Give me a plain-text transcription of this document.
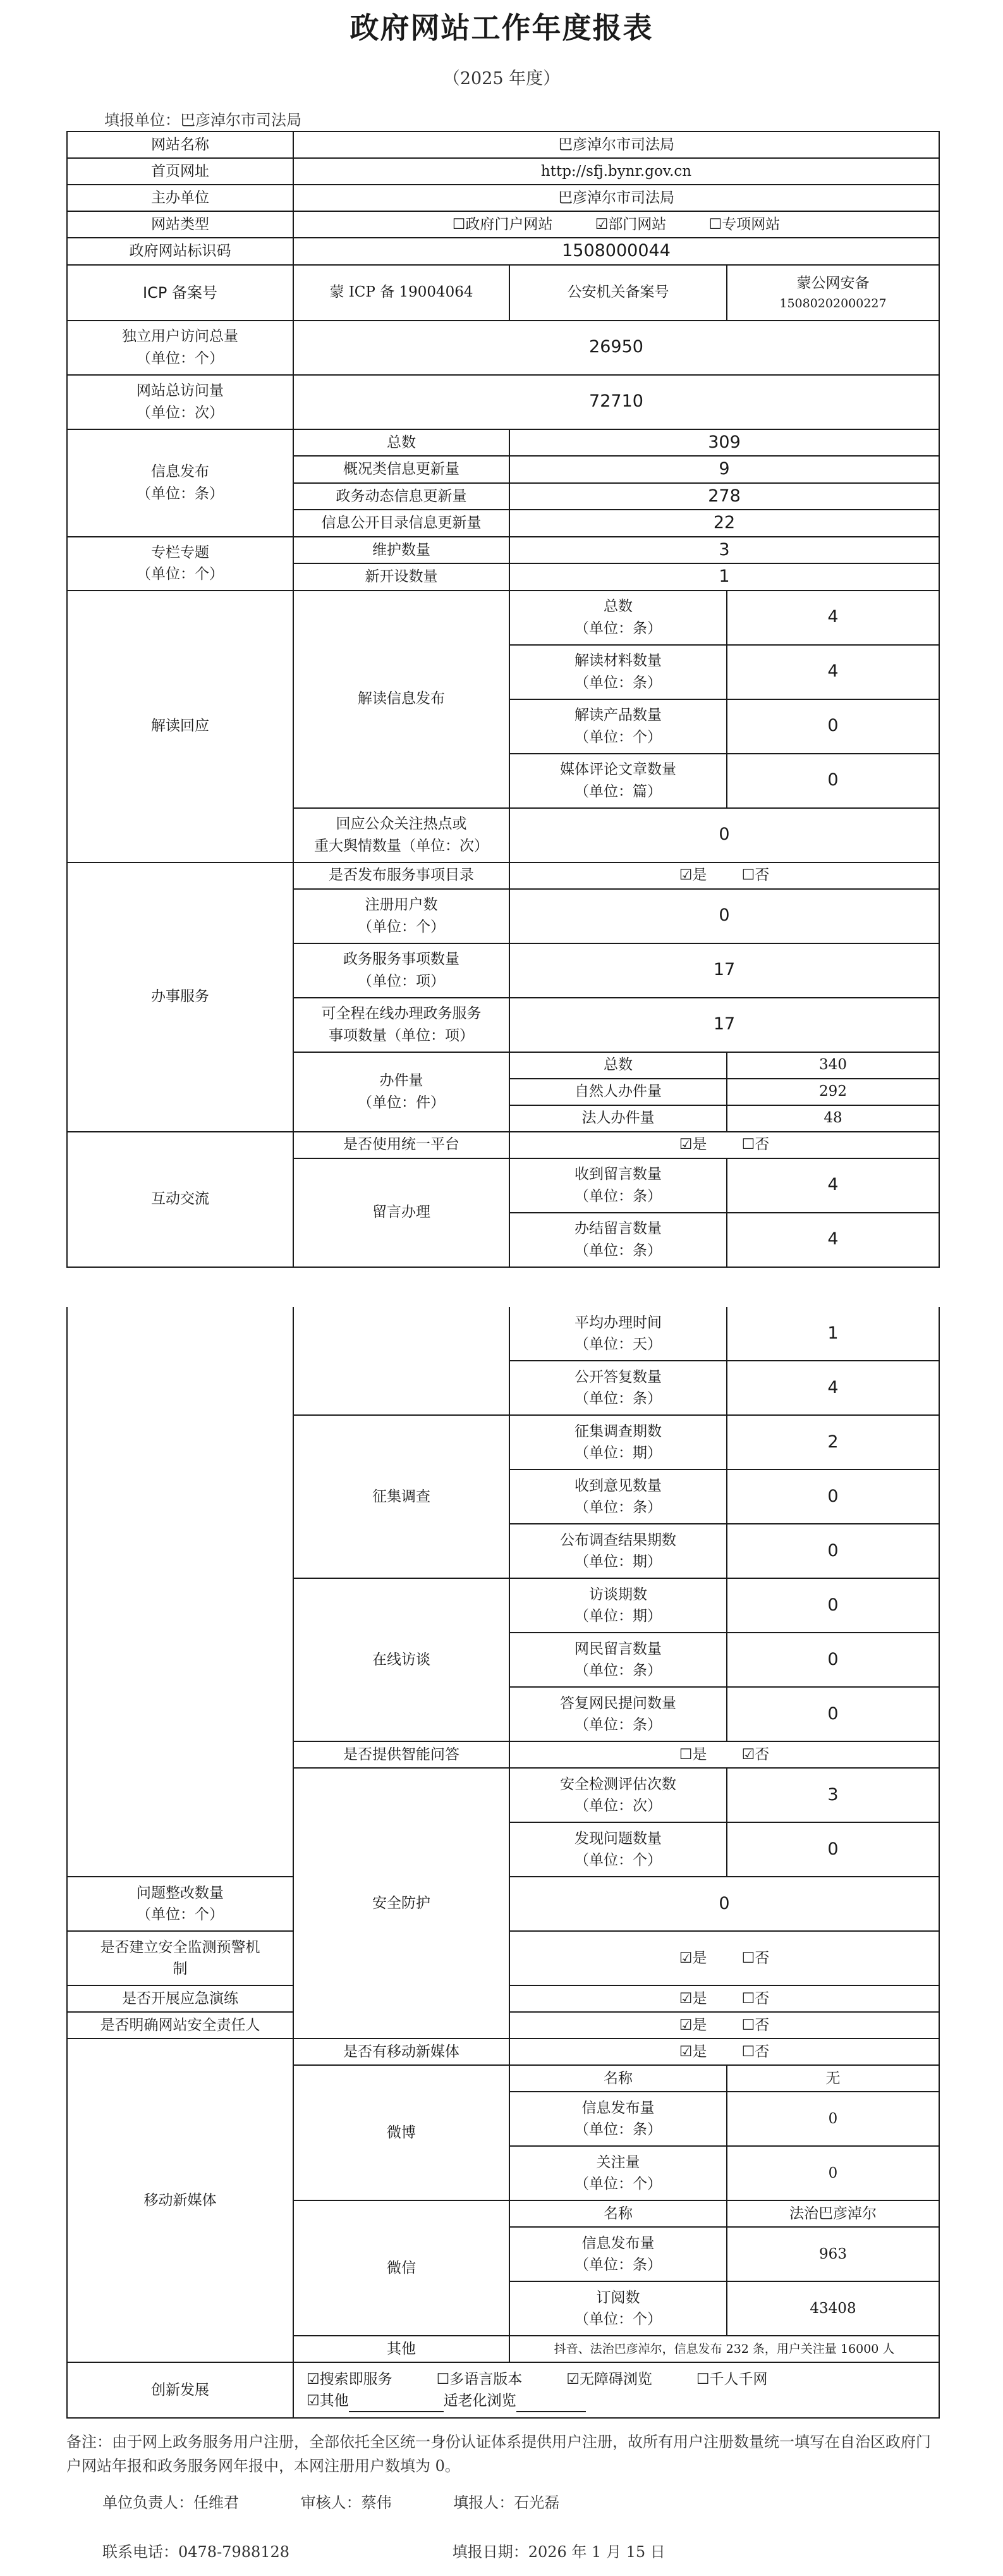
政府网站工作年度报表
（2025 年度）
填报单位：巴彦淖尔市司法局
网站名称	巴彦淖尔市司法局		
首页网址	http://sfj.bynr.gov.cn		
主办单位	巴彦淖尔市司法局		
网站类型	☐政府门户网站 ☑部门网站 ☐专项网站		
政府网站标识码	1508000044		
ICP 备案号	蒙 ICP 备 19004064	公安机关备案号	蒙公网安备
15080202000227

独立用户访问总量
（单位：个）	26950		

网站总访问量
（单位：次）	72710		

信息发布
（单位：条）	总数	309	
	概况类信息更新量	9	
	政务动态信息更新量	278	
	信息公开目录信息更新量	22	

专栏专题
（单位：个）	维护数量	3	
	新开设数量	1	
解读回应	解读信息发布	总数
（单位：条）	4

		解读材料数量
（单位：条）	4

		解读产品数量
（单位：个）	0

		媒体评论文章数量
（单位：篇）	0

	回应公众关注热点或
重大舆情数量（单位：次）	0	
办事服务	是否发布服务事项目录	☑是 ☐否	

	注册用户数
（单位：个）	0	

	政务服务事项数量
（单位：项）	17	

	可全程在线办理政务服务
事项数量（单位：项）	17	

	办件量
（单位：件）	总数	340
		自然人办件量	292
		法人办件量	48
互动交流	是否使用统一平台	☑是 ☐否	
	留言办理	收到留言数量
（单位：条）	4

		办结留言数量
（单位：条）	4

		平均办理时间
（单位：天）	1

		公开答复数量
（单位：条）	4
	征集调查	征集调查期数
（单位：期）	2

		收到意见数量
（单位：条）	0

		公布调查结果期数
（单位：期）	0
	在线访谈	访谈期数
（单位：期）	0

		网民留言数量
（单位：条）	0

		答复网民提问数量
（单位：条）	0
	是否提供智能问答	☐是 ☑否	
	安全防护	安全检测评估次数
（单位：次）	3

		发现问题数量
（单位：个）	0

问题整改数量
（单位：个）		0	

是否建立安全监测预警机
制		☑是 ☐否	
是否开展应急演练		☑是 ☐否	
是否明确网站安全责任人		☑是 ☐否	
移动新媒体	是否有移动新媒体	☑是 ☐否	
	微博	名称	无

		信息发布量
（单位：条）	0

		关注量
（单位：个）	0
	微信	名称	法治巴彦淖尔

		信息发布量
（单位：条）	963

		订阅数
（单位：个）	43408
	其他	抖音、法治巴彦淖尔，信息发布 232 条，用户关注量 16000 人	
创新发展	☑搜索即服务 ☐多语言版本 ☑无障碍浏览 ☐千人千网
☑其他 适老化浏览		
备注：由于网上政务服务用户注册，全部依托全区统一身份认证体系提供用户注册，故所有用户注册数量统一填写在自治区政府门户网站年报和政务服务网年报中，本网注册用户数填为 0。
单位负责人：任维君	审核人：蔡伟	填报人：石光磊
联系电话：0478-7988128	填报日期：2026 年 1 月 15 日
